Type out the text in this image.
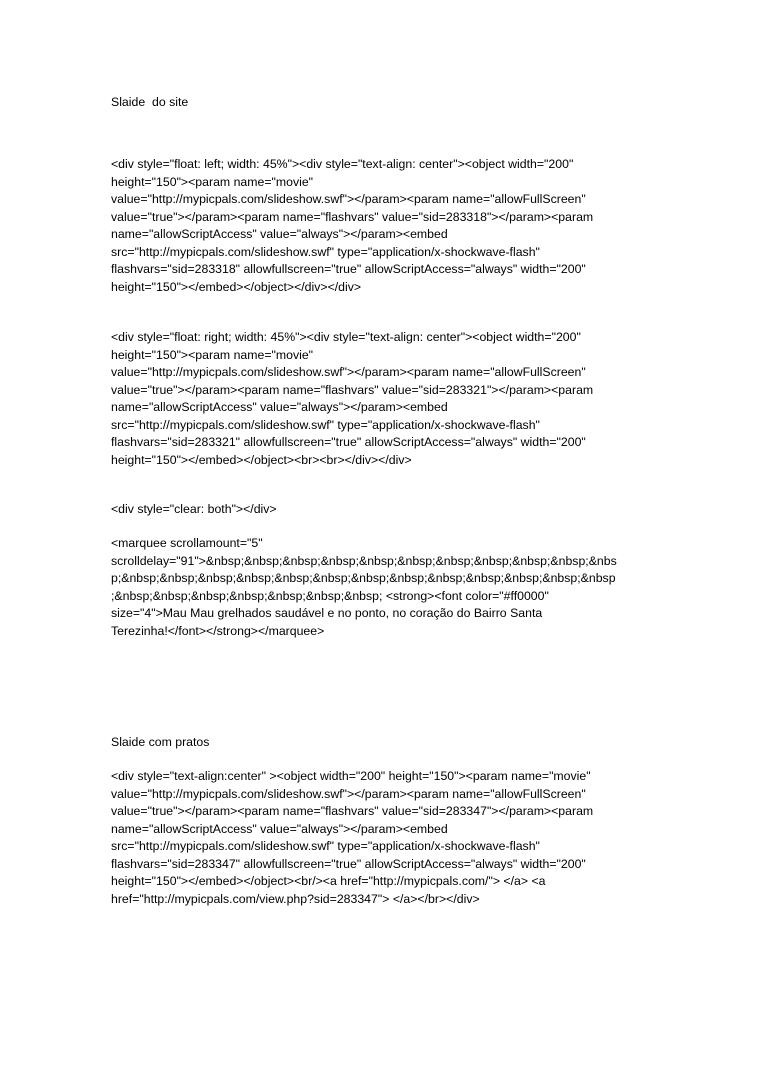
Slaide  do site
<div style="float: left; width: 45%"><div style="text-align: center"><object width="200"
height="150"><param name="movie"
value="http://mypicpals.com/slideshow.swf"></param><param name="allowFullScreen"
value="true"></param><param name="flashvars" value="sid=283318"></param><param
name="allowScriptAccess" value="always"></param><embed
src="http://mypicpals.com/slideshow.swf" type="application/x-shockwave-flash"
flashvars="sid=283318" allowfullscreen="true" allowScriptAccess="always" width="200"
height="150"></embed></object></div></div>
<div style="float: right; width: 45%"><div style="text-align: center"><object width="200"
height="150"><param name="movie"
value="http://mypicpals.com/slideshow.swf"></param><param name="allowFullScreen"
value="true"></param><param name="flashvars" value="sid=283321"></param><param
name="allowScriptAccess" value="always"></param><embed
src="http://mypicpals.com/slideshow.swf" type="application/x-shockwave-flash"
flashvars="sid=283321" allowfullscreen="true" allowScriptAccess="always" width="200"
height="150"></embed></object><br><br></div></div>
<div style="clear: both"></div>
<marquee scrollamount="5"
scrolldelay="91">&nbsp;&nbsp;&nbsp;&nbsp;&nbsp;&nbsp;&nbsp;&nbsp;&nbsp;&nbsp;&nbs
p;&nbsp;&nbsp;&nbsp;&nbsp;&nbsp;&nbsp;&nbsp;&nbsp;&nbsp;&nbsp;&nbsp;&nbsp;&nbsp
;&nbsp;&nbsp;&nbsp;&nbsp;&nbsp;&nbsp;&nbsp; <strong><font color="#ff0000"
size="4">Mau Mau grelhados saudável e no ponto, no coração do Bairro Santa
Terezinha!</font></strong></marquee>
Slaide com pratos
<div style="text-align:center" ><object width="200" height="150"><param name="movie"
value="http://mypicpals.com/slideshow.swf"></param><param name="allowFullScreen"
value="true"></param><param name="flashvars" value="sid=283347"></param><param
name="allowScriptAccess" value="always"></param><embed
src="http://mypicpals.com/slideshow.swf" type="application/x-shockwave-flash"
flashvars="sid=283347" allowfullscreen="true" allowScriptAccess="always" width="200"
height="150"></embed></object><br/><a href="http://mypicpals.com/"> </a> <a
href="http://mypicpals.com/view.php?sid=283347"> </a></br></div>
